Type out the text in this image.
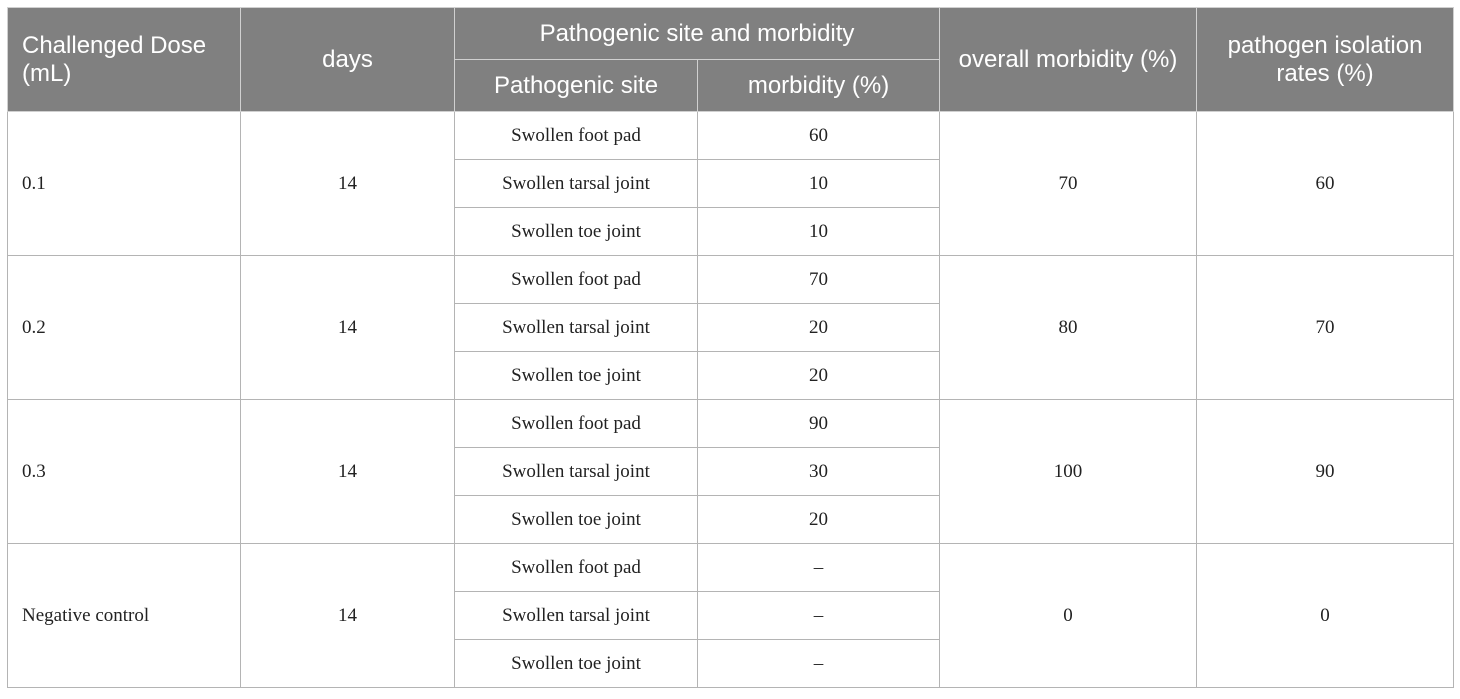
Challenged Dose (mL)	days	Pathogenic site and morbidity		overall morbidity (%)	pathogen isolation rates (%)
		Pathogenic site	morbidity (%)		
0.1	14	Swollen foot pad	60	70	60
		Swollen tarsal joint	10		
		Swollen toe joint	10		
0.2	14	Swollen foot pad	70	80	70
		Swollen tarsal joint	20		
		Swollen toe joint	20		
0.3	14	Swollen foot pad	90	100	90
		Swollen tarsal joint	30		
		Swollen toe joint	20		
Negative control	14	Swollen foot pad	–	0	0
		Swollen tarsal joint	–		
		Swollen toe joint	–		
